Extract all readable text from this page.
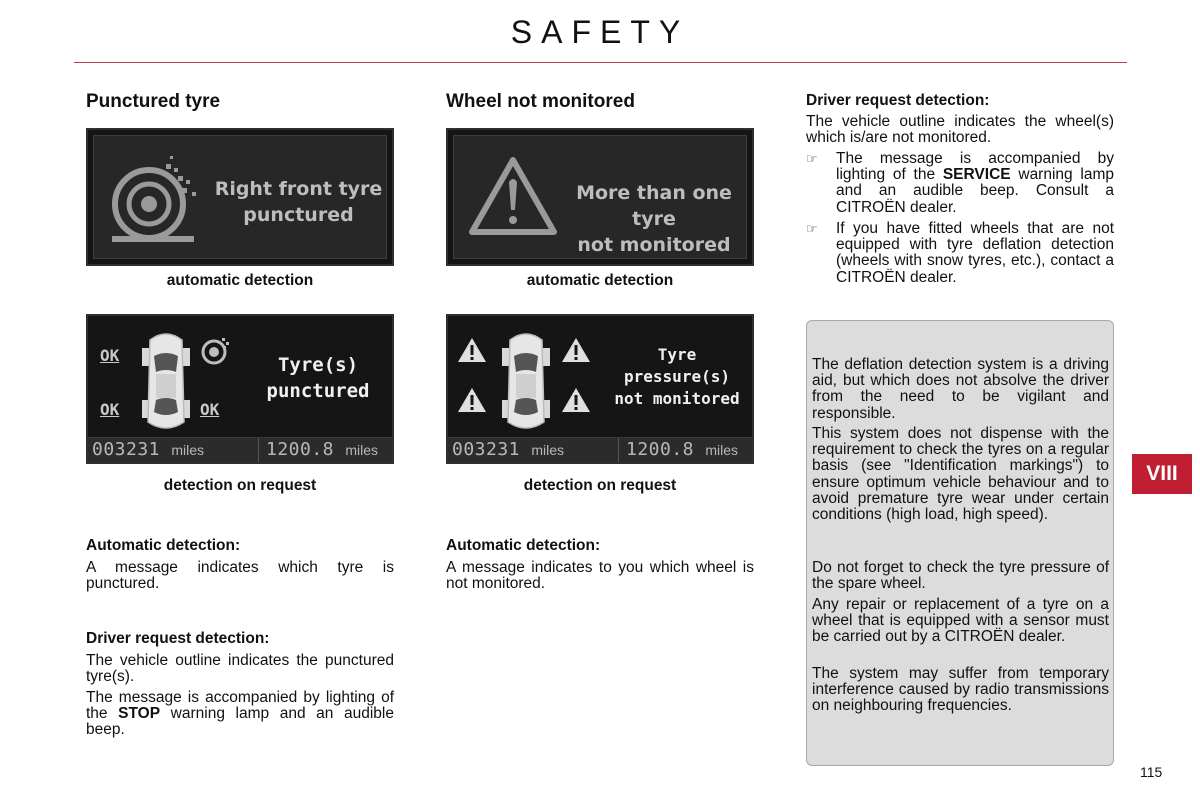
SAFETY
Punctured tyre
Right front tyre
punctured
automatic detection
OK
OK	OK
Tyre(s)
punctured
003231 miles	1200.8 miles
detection on request
Automatic detection:
A message indicates which tyre is punctured.
Driver request detection:
The vehicle outline indicates the punctured tyre(s).
The message is accompanied by lighting of the STOP warning lamp and an audible beep.
Wheel not monitored
More than one tyre
not monitored
automatic detection
Tyre
pressure(s)
not monitored
003231 miles	1200.8 miles
detection on request
Automatic detection:
A message indicates to you which wheel is not monitored.
Driver request detection:
The vehicle outline indicates the wheel(s) which is/are not monitored.
☞ The message is accompanied by lighting of the SERVICE warning lamp and an audible beep. Consult a CITROËN dealer.
☞ If you have fitted wheels that are not equipped with tyre deflation detection (wheels with snow tyres, etc.), contact a CITROËN dealer.
The deflation detection system is a driving aid, but which does not absolve the driver from the need to be vigilant and responsible.
This system does not dispense with the requirement to check the tyres on a regular basis (see "Identification markings") to ensure optimum vehicle behaviour and to avoid premature tyre wear under certain conditions (high load, high speed).
Do not forget to check the tyre pressure of the spare wheel.
Any repair or replacement of a tyre on a wheel that is equipped with a sensor must be carried out by a CITROËN dealer.
The system may suffer from temporary interference caused by radio transmissions on neighbouring frequencies.
VIII
115
